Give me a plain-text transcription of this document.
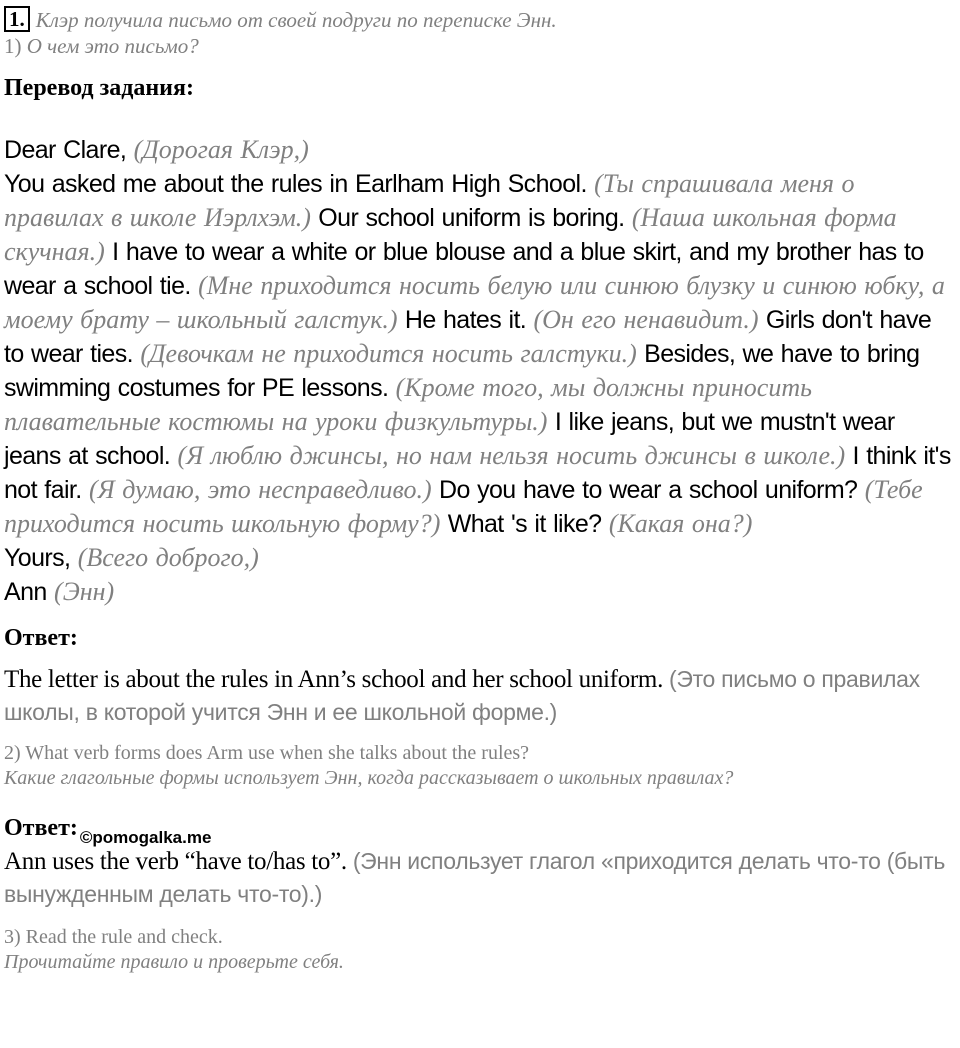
1. Клэр получила письмо от своей подруги по переписке Энн.
1) О чем это письмо?
Перевод задания:
Dear Clare, (Дорогая Клэр,)
You asked me about the rules in Earlham High School. (Ты спрашивала меня о правилах в школе Иэрлхэм.) Our school uniform is boring. (Наша школьная форма скучная.) I have to wear a white or blue blouse and a blue skirt, and my brother has to wear a school tie. (Мне приходится носить белую или синюю блузку и синюю юбку, а моему брату – школьный галстук.) He hates it. (Он его ненавидит.) Girls don't have to wear ties. (Девочкам не приходится носить галстуки.) Besides, we have to bring swimming costumes for PE lessons. (Кроме того, мы должны приносить плавательные костюмы на уроки физкультуры.) I like jeans, but we mustn't wear jeans at school. (Я люблю джинсы, но нам нельзя носить джинсы в школе.) I think it's not fair. (Я думаю, это несправедливо.) Do you have to wear a school uniform? (Тебе приходится носить школьную форму?) What 's it like? (Какая она?)
Yours, (Всего доброго,)
Ann (Энн)
Ответ:
The letter is about the rules in Ann’s school and her school uniform. (Это письмо о правилах школы, в которой учится Энн и ее школьной форме.)
2) What verb forms does Arm use when she talks about the rules?
Какие глагольные формы использует Энн, когда рассказывает о школьных правилах?
Ответ: $_{©pomogalka.me}$
Ann uses the verb “have to/has to”. (Энн использует глагол «приходится делать что-то (быть вынужденным делать что-то).)
3) Read the rule and check.
Прочитайте правило и проверьте себя.
